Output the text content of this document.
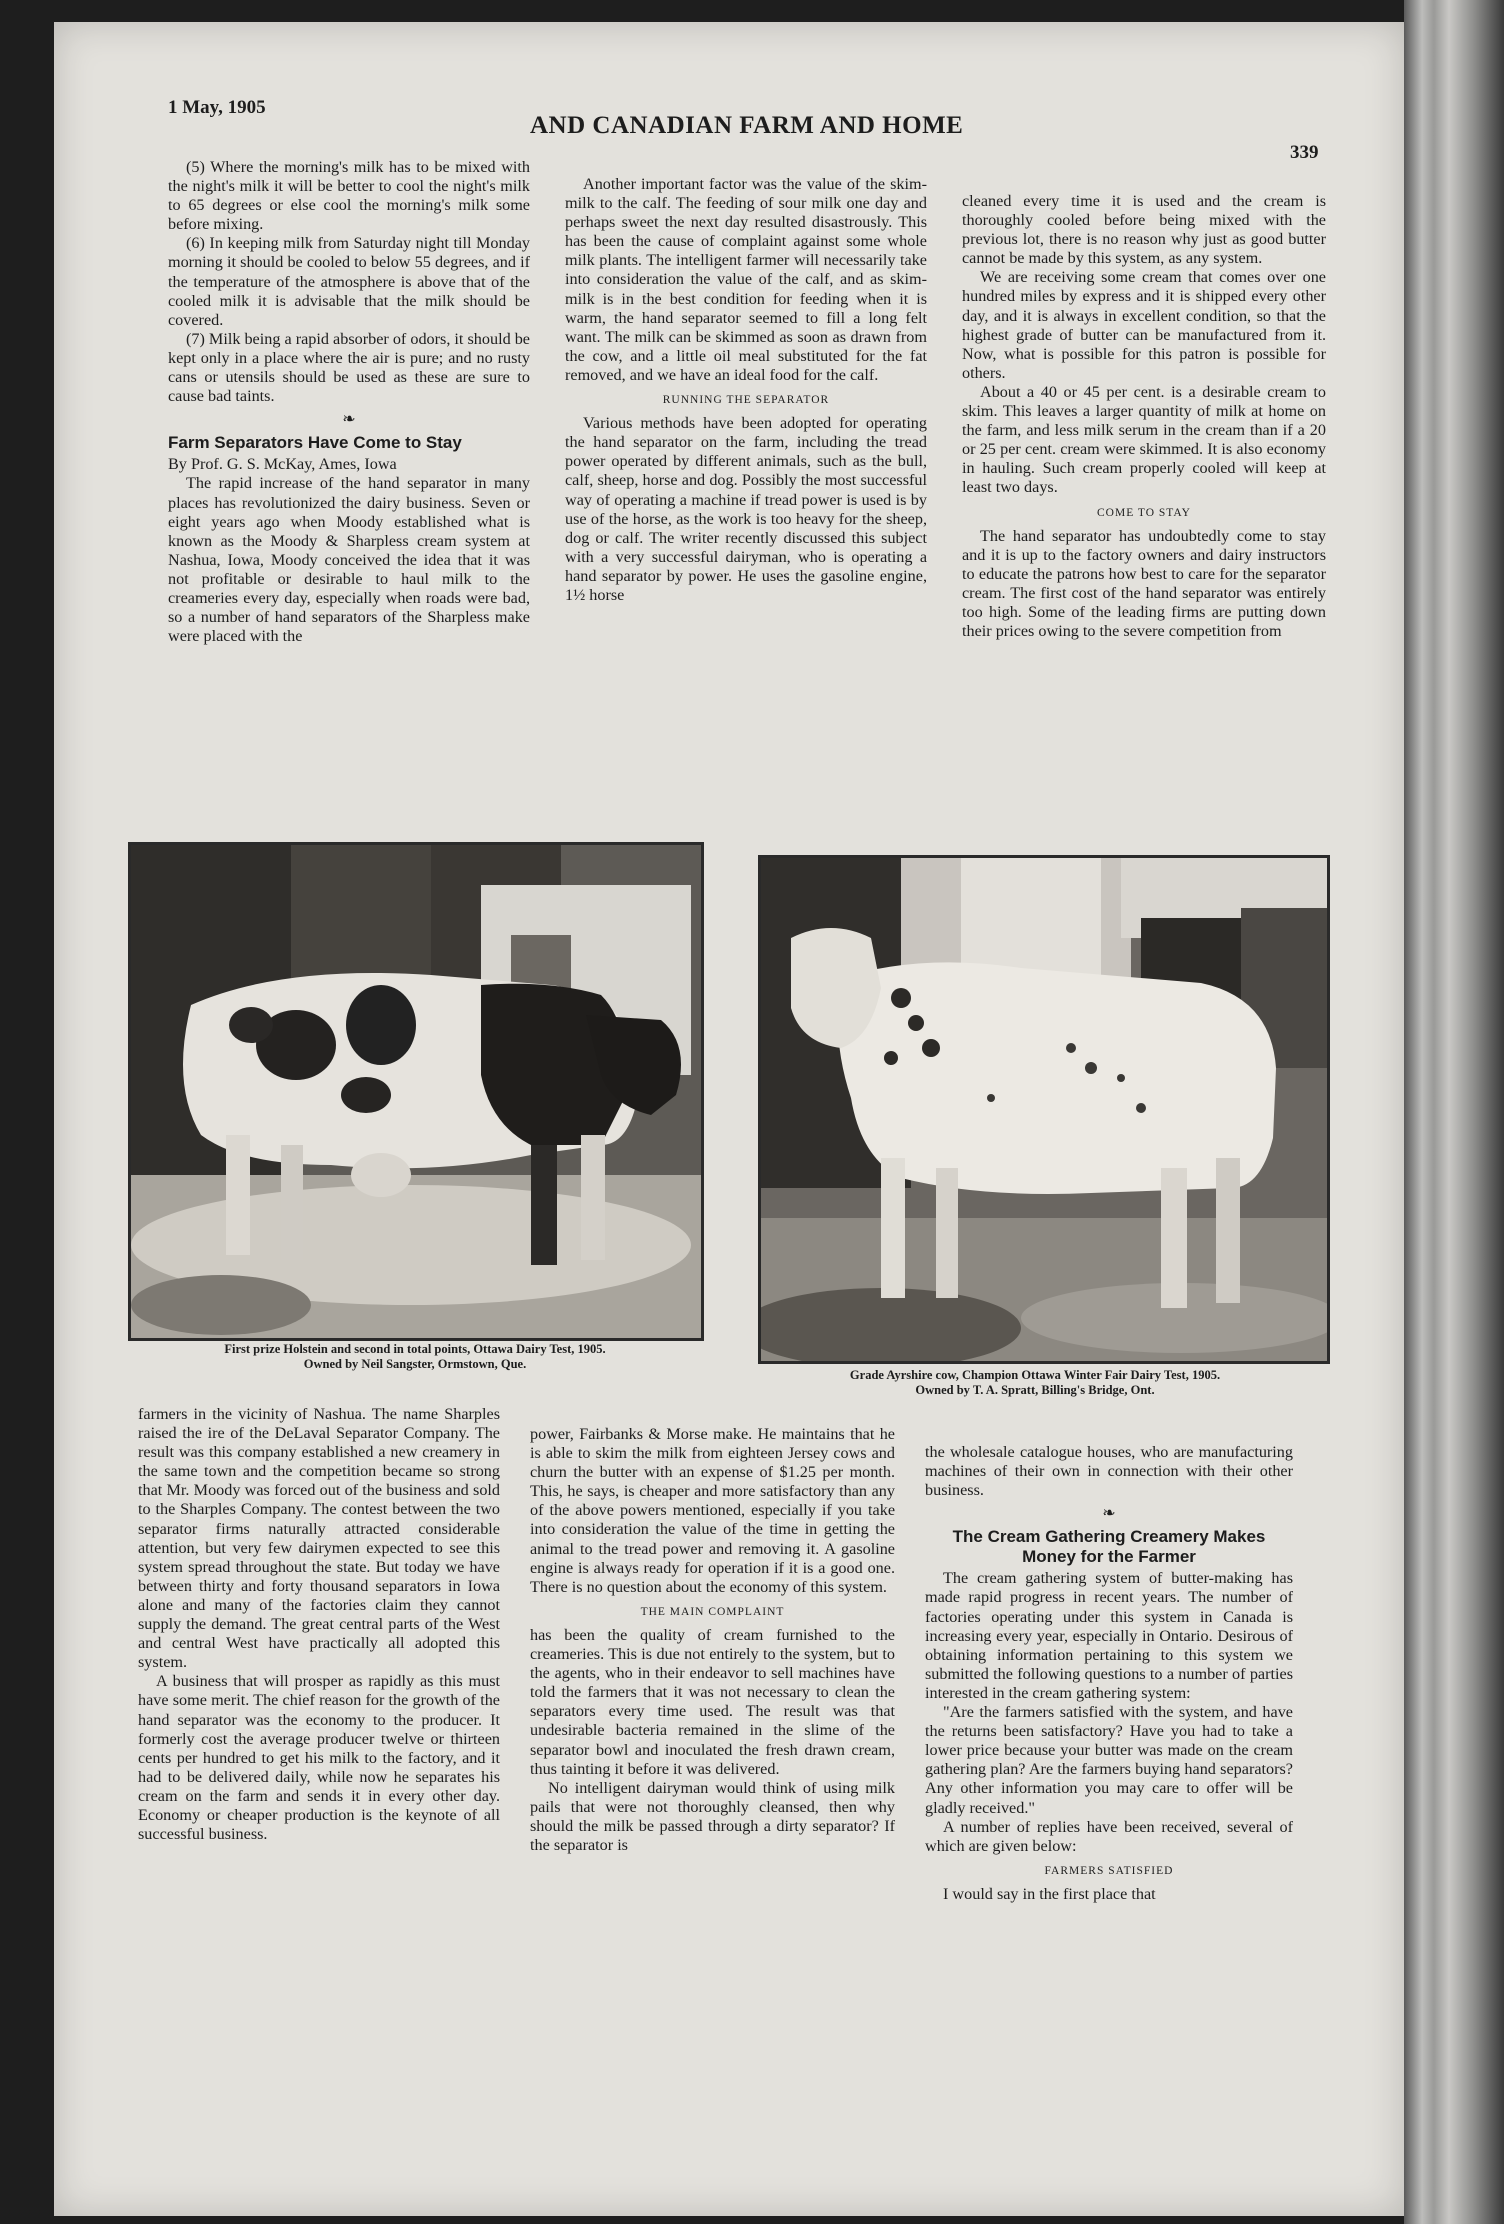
1 May, 1905
AND CANADIAN FARM AND HOME
339

(5) Where the morning's milk has to be mixed with the night's milk it will be better to cool the night's milk to 65 degrees or else cool the morning's milk some before mixing.

(6) In keeping milk from Saturday night till Monday morning it should be cooled to below 55 degrees, and if the temperature of the atmosphere is above that of the cooled milk it is advisable that the milk should be covered.

(7) Milk being a rapid absorber of odors, it should be kept only in a place where the air is pure; and no rusty cans or utensils should be used as these are sure to cause bad taints.

❧

Farm Separators Have Come to Stay

By Prof. G. S. McKay, Ames, Iowa

The rapid increase of the hand separator in many places has revolutionized the dairy business. Seven or eight years ago when Moody established what is known as the Moody & Sharpless cream system at Nashua, Iowa, Moody conceived the idea that it was not profitable or desirable to haul milk to the creameries every day, especially when roads were bad, so a number of hand separators of the Sharpless make were placed with the

Another important factor was the value of the skim-milk to the calf. The feeding of sour milk one day and perhaps sweet the next day resulted disastrously. This has been the cause of complaint against some whole milk plants. The intelligent farmer will necessarily take into consideration the value of the calf, and as skim-milk is in the best condition for feeding when it is warm, the hand separator seemed to fill a long felt want. The milk can be skimmed as soon as drawn from the cow, and a little oil meal substituted for the fat removed, and we have an ideal food for the calf.

RUNNING THE SEPARATOR

Various methods have been adopted for operating the hand separator on the farm, including the tread power operated by different animals, such as the bull, calf, sheep, horse and dog. Possibly the most successful way of operating a machine if tread power is used is by use of the horse, as the work is too heavy for the sheep, dog or calf. The writer recently discussed this subject with a very successful dairyman, who is operating a hand separator by power. He uses the gasoline engine, 1½ horse

cleaned every time it is used and the cream is thoroughly cooled before being mixed with the previous lot, there is no reason why just as good butter cannot be made by this system, as any system.

We are receiving some cream that comes over one hundred miles by express and it is shipped every other day, and it is always in excellent condition, so that the highest grade of butter can be manufactured from it. Now, what is possible for this patron is possible for others.

About a 40 or 45 per cent. is a desirable cream to skim. This leaves a larger quantity of milk at home on the farm, and less milk serum in the cream than if a 20 or 25 per cent. cream were skimmed. It is also economy in hauling. Such cream properly cooled will keep at least two days.

COME TO STAY

The hand separator has undoubtedly come to stay and it is up to the factory owners and dairy instructors to educate the patrons how best to care for the separator cream. The first cost of the hand separator was entirely too high. Some of the leading firms are putting down their prices owing to the severe competition from

First prize Holstein and second in total points, Ottawa Dairy Test, 1905.
Owned by Neil Sangster, Ormstown, Que.
Grade Ayrshire cow, Champion Ottawa Winter Fair Dairy Test, 1905.
Owned by T. A. Spratt, Billing's Bridge, Ont.

farmers in the vicinity of Nashua. The name Sharples raised the ire of the DeLaval Separator Company. The result was this company established a new creamery in the same town and the competition became so strong that Mr. Moody was forced out of the business and sold to the Sharples Company. The contest between the two separator firms naturally attracted considerable attention, but very few dairymen expected to see this system spread throughout the state. But today we have between thirty and forty thousand separators in Iowa alone and many of the factories claim they cannot supply the demand. The great central parts of the West and central West have practically all adopted this system.

A business that will prosper as rapidly as this must have some merit. The chief reason for the growth of the hand separator was the economy to the producer. It formerly cost the average producer twelve or thirteen cents per hundred to get his milk to the factory, and it had to be delivered daily, while now he separates his cream on the farm and sends it in every other day. Economy or cheaper production is the keynote of all successful business.

power, Fairbanks & Morse make. He maintains that he is able to skim the milk from eighteen Jersey cows and churn the butter with an expense of $1.25 per month. This, he says, is cheaper and more satisfactory than any of the above powers mentioned, especially if you take into consideration the value of the time in getting the animal to the tread power and removing it. A gasoline engine is always ready for operation if it is a good one. There is no question about the economy of this system.

THE MAIN COMPLAINT

has been the quality of cream furnished to the creameries. This is due not entirely to the system, but to the agents, who in their endeavor to sell machines have told the farmers that it was not necessary to clean the separators every time used. The result was that undesirable bacteria remained in the slime of the separator bowl and inoculated the fresh drawn cream, thus tainting it before it was delivered.

No intelligent dairyman would think of using milk pails that were not thoroughly cleansed, then why should the milk be passed through a dirty separator? If the separator is

the wholesale catalogue houses, who are manufacturing machines of their own in connection with their other business.

❧

The Cream Gathering Creamery Makes Money for the Farmer

The cream gathering system of butter-making has made rapid progress in recent years. The number of factories operating under this system in Canada is increasing every year, especially in Ontario. Desirous of obtaining information pertaining to this system we submitted the following questions to a number of parties interested in the cream gathering system:

"Are the farmers satisfied with the system, and have the returns been satisfactory? Have you had to take a lower price because your butter was made on the cream gathering plan? Are the farmers buying hand separators? Any other information you may care to offer will be gladly received."

A number of replies have been received, several of which are given below:

FARMERS SATISFIED

I would say in the first place that
